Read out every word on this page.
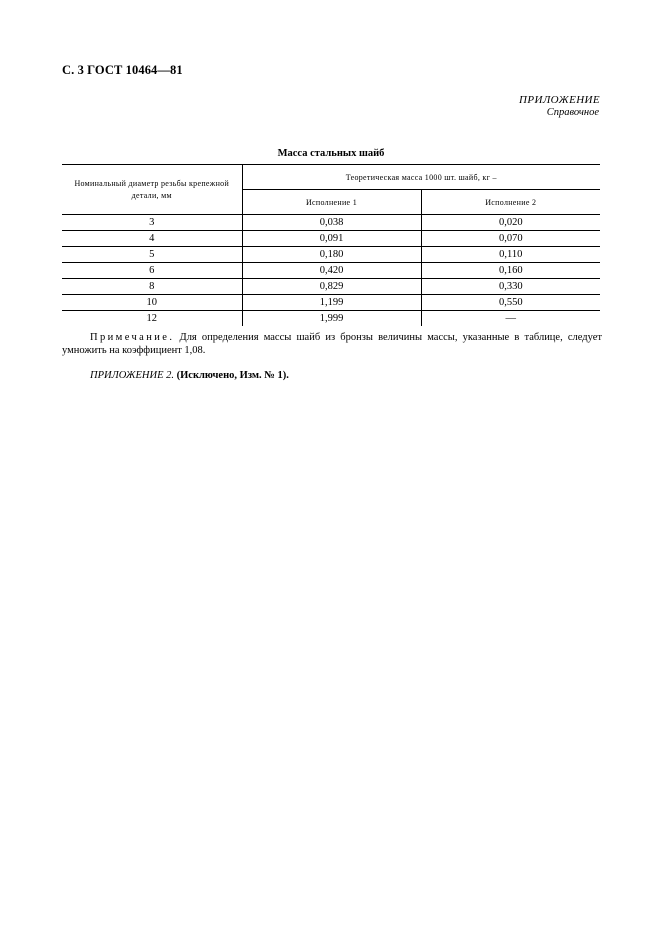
С. 3 ГОСТ 10464—81
ПРИЛОЖЕНИЕ
Справочное
Масса стальных шайб
Номинальный диаметр резьбы крепежной детали, мм	Теоретическая масса 1000 шт. шайб, кг –	
	Исполнение 1	Исполнение 2
3	0,038	0,020
4	0,091	0,070
5	0,180	0,110
6	0,420	0,160
8	0,829	0,330
10	1,199	0,550
12	1,999	—
Примечание. Для определения массы шайб из бронзы величины массы, указанные в таблице, следует умножить на коэффициент 1,08.
ПРИЛОЖЕНИЕ 2. (Исключено, Изм. № 1).
